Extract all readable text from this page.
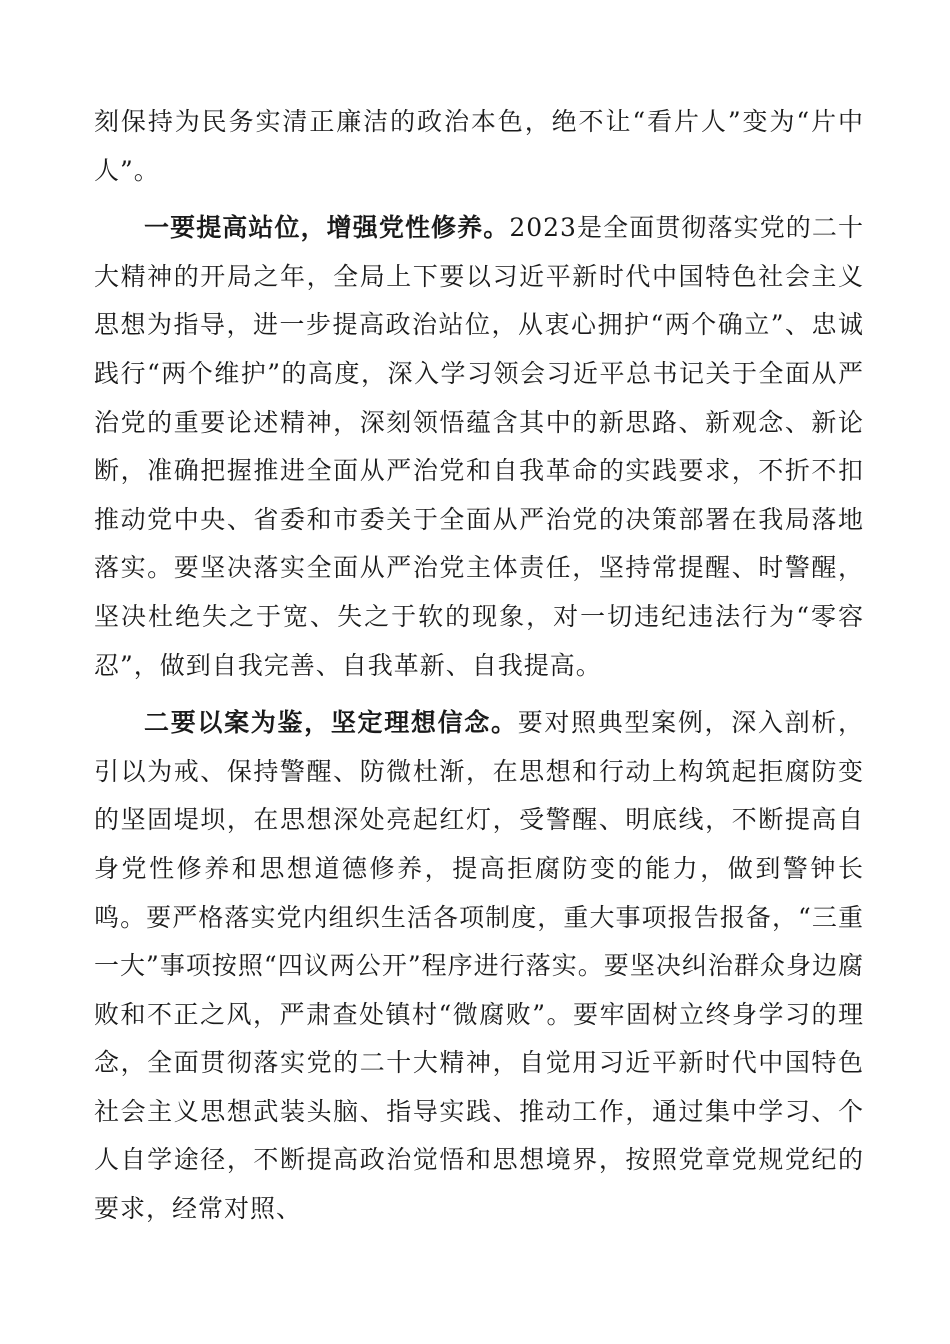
刻保持为民务实清正廉洁的政治本色，绝不让“看片人”变为“片中人”。

一要提高站位，增强党性修养。2023是全面贯彻落实党的二十大精神的开局之年，全局上下要以习近平新时代中国特色社会主义思想为指导，进一步提高政治站位，从衷心拥护“两个确立”、忠诚践行“两个维护”的高度，深入学习领会习近平总书记关于全面从严治党的重要论述精神，深刻领悟蕴含其中的新思路、新观念、新论断，准确把握推进全面从严治党和自我革命的实践要求，不折不扣推动党中央、省委和市委关于全面从严治党的决策部署在我局落地落实。要坚决落实全面从严治党主体责任，坚持常提醒、时警醒，坚决杜绝失之于宽、失之于软的现象，对一切违纪违法行为“零容忍”，做到自我完善、自我革新、自我提高。

二要以案为鉴，坚定理想信念。要对照典型案例，深入剖析，引以为戒、保持警醒、防微杜渐，在思想和行动上构筑起拒腐防变的坚固堤坝，在思想深处亮起红灯，受警醒、明底线，不断提高自身党性修养和思想道德修养，提高拒腐防变的能力，做到警钟长鸣。要严格落实党内组织生活各项制度，重大事项报告报备，“三重一大”事项按照“四议两公开”程序进行落实。要坚决纠治群众身边腐败和不正之风，严肃查处镇村“微腐败”。要牢固树立终身学习的理念，全面贯彻落实党的二十大精神，自觉用习近平新时代中国特色社会主义思想武装头脑、指导实践、推动工作，通过集中学习、个人自学途径，不断提高政治觉悟和思想境界，按照党章党规党纪的要求，经常对照、
